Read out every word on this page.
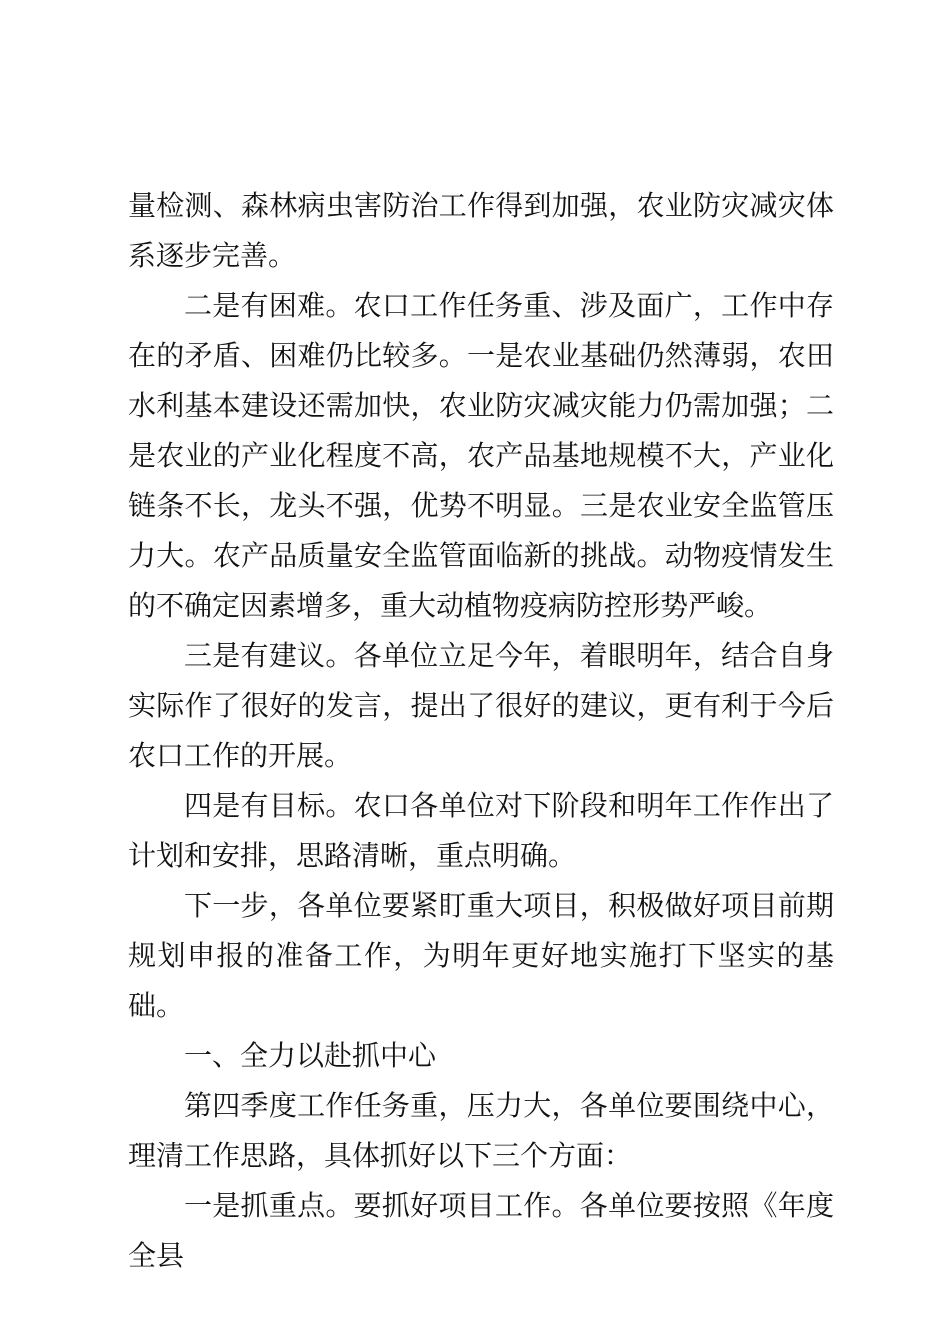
量检测、森林病虫害防治工作得到加强，农业防灾减灾体系逐步完善。

二是有困难。农口工作任务重、涉及面广，工作中存在的矛盾、困难仍比较多。一是农业基础仍然薄弱，农田水利基本建设还需加快，农业防灾减灾能力仍需加强；二是农业的产业化程度不高，农产品基地规模不大，产业化链条不长，龙头不强，优势不明显。三是农业安全监管压力大。农产品质量安全监管面临新的挑战。动物疫情发生的不确定因素增多，重大动植物疫病防控形势严峻。

三是有建议。各单位立足今年，着眼明年，结合自身实际作了很好的发言，提出了很好的建议，更有利于今后农口工作的开展。

四是有目标。农口各单位对下阶段和明年工作作出了计划和安排，思路清晰，重点明确。

下一步，各单位要紧盯重大项目，积极做好项目前期规划申报的准备工作，为明年更好地实施打下坚实的基础。

一、全力以赴抓中心

第四季度工作任务重，压力大，各单位要围绕中心，理清工作思路，具体抓好以下三个方面：

一是抓重点。要抓好项目工作。各单位要按照《年度全县
